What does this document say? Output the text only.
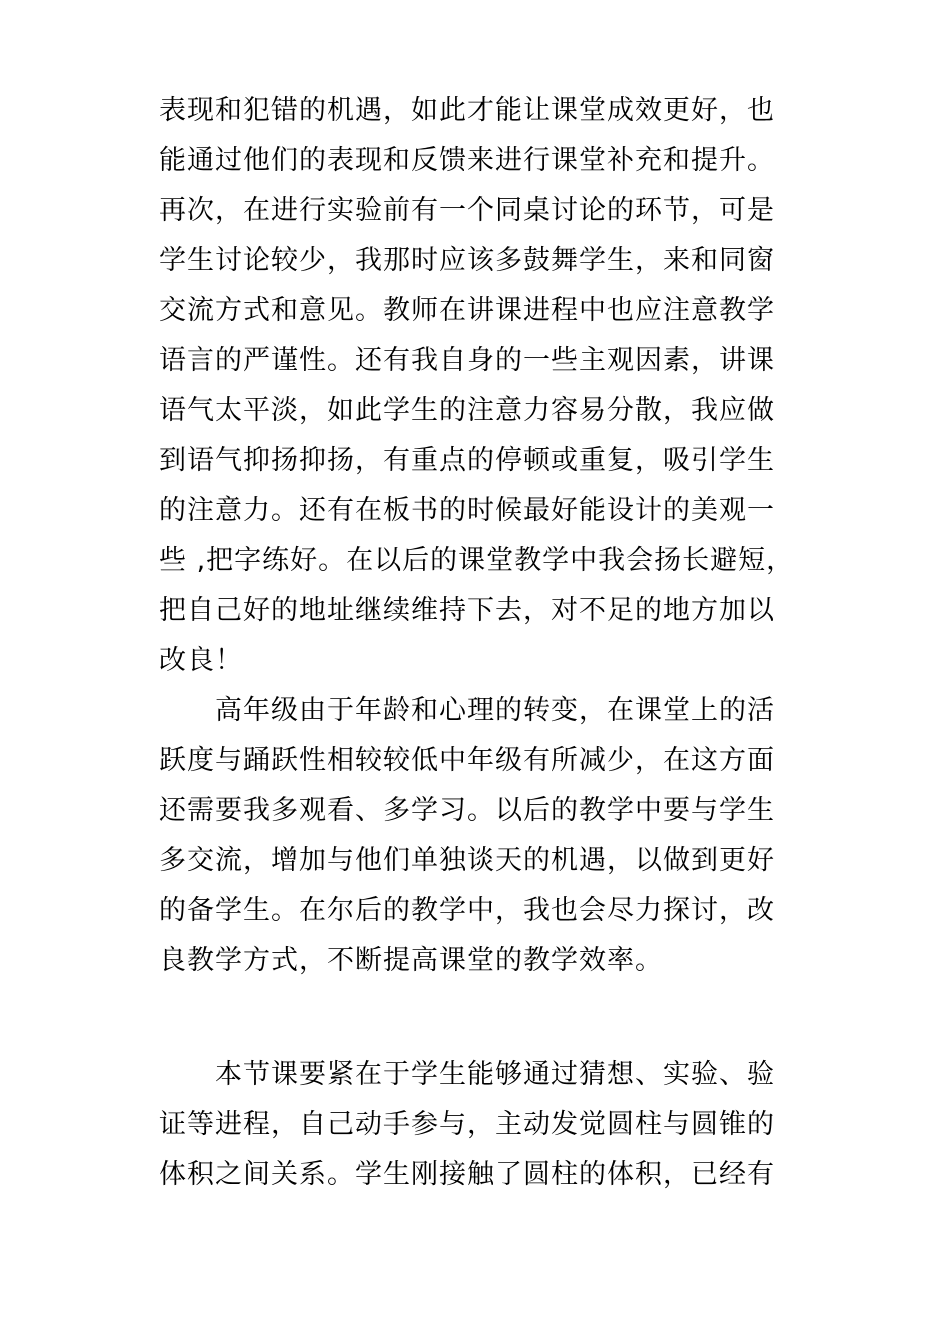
表现和犯错的机遇，如此才能让课堂成效更好，也
能通过他们的表现和反馈来进行课堂补充和提升。
再次，在进行实验前有一个同桌讨论的环节，可是
学生讨论较少，我那时应该多鼓舞学生，来和同窗
交流方式和意见。教师在讲课进程中也应注意教学
语言的严谨性。还有我自身的一些主观因素，讲课
语气太平淡，如此学生的注意力容易分散，我应做
到语气抑扬抑扬，有重点的停顿或重复，吸引学生
的注意力。还有在板书的时候最好能设计的美观一
些 ,把字练好。在以后的课堂教学中我会扬长避短，
把自己好的地址继续维持下去，对不足的地方加以
改良！
　　高年级由于年龄和心理的转变，在课堂上的活
跃度与踊跃性相较较低中年级有所减少，在这方面
还需要我多观看、多学习。以后的教学中要与学生
多交流，增加与他们单独谈天的机遇，以做到更好
的备学生。在尔后的教学中，我也会尽力探讨，改
良教学方式，不断提高课堂的教学效率。
　　本节课要紧在于学生能够通过猜想、实验、验
证等进程，自己动手参与，主动发觉圆柱与圆锥的
体积之间关系。学生刚接触了圆柱的体积，已经有
